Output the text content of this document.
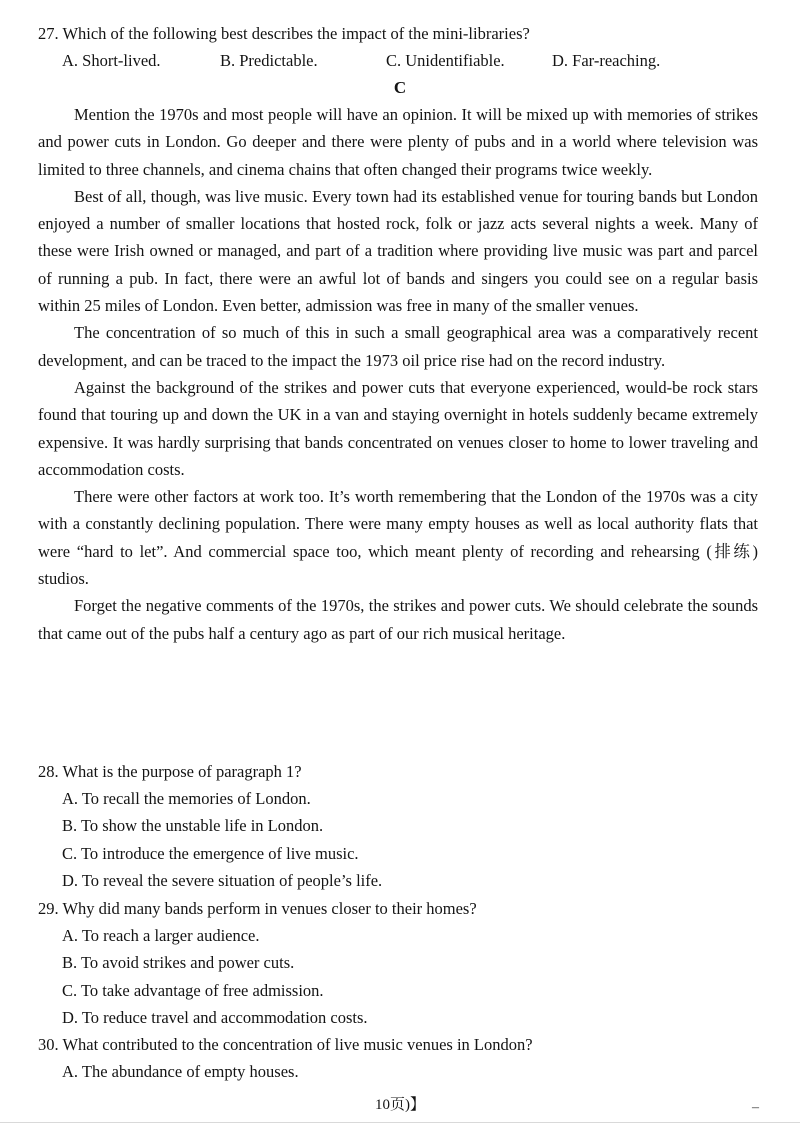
27. Which of the following best describes the impact of the mini-libraries?
A. Short-lived.	B. Predictable.	C. Unidentifiable.	D. Far-reaching.
C

Mention the 1970s and most people will have an opinion. It will be mixed up with memories of strikes and power cuts in London. Go deeper and there were plenty of pubs and in a world where television was limited to three channels, and cinema chains that often changed their programs twice weekly.

Best of all, though, was live music. Every town had its established venue for touring bands but London enjoyed a number of smaller locations that hosted rock, folk or jazz acts several nights a week. Many of these were Irish owned or managed, and part of a tradition where providing live music was part and parcel of running a pub. In fact, there were an awful lot of bands and singers you could see on a regular basis within 25 miles of London. Even better, admission was free in many of the smaller venues.

The concentration of so much of this in such a small geographical area was a comparatively recent development, and can be traced to the impact the 1973 oil price rise had on the record industry.

Against the background of the strikes and power cuts that everyone experienced, would-be rock stars found that touring up and down the UK in a van and staying overnight in hotels suddenly became extremely expensive. It was hardly surprising that bands concentrated on venues closer to home to lower traveling and accommodation costs.

There were other factors at work too. It’s worth remembering that the London of the 1970s was a city with a constantly declining population. There were many empty houses as well as local authority flats that were “hard to let”. And commercial space too, which meant plenty of recording and rehearsing (排练) studios.

Forget the negative comments of the 1970s, the strikes and power cuts. We should celebrate the sounds that came out of the pubs half a century ago as part of our rich musical heritage.

28. What is the purpose of paragraph 1?
A. To recall the memories of London.
B. To show the unstable life in London.
C. To introduce the emergence of live music.
D. To reveal the severe situation of people’s life.
29. Why did many bands perform in venues closer to their homes?
A. To reach a larger audience.
B. To avoid strikes and power cuts.
C. To take advantage of free admission.
D. To reduce travel and accommodation costs.
30. What contributed to the concentration of live music venues in London?
A. The abundance of empty houses.
10页)】	–
